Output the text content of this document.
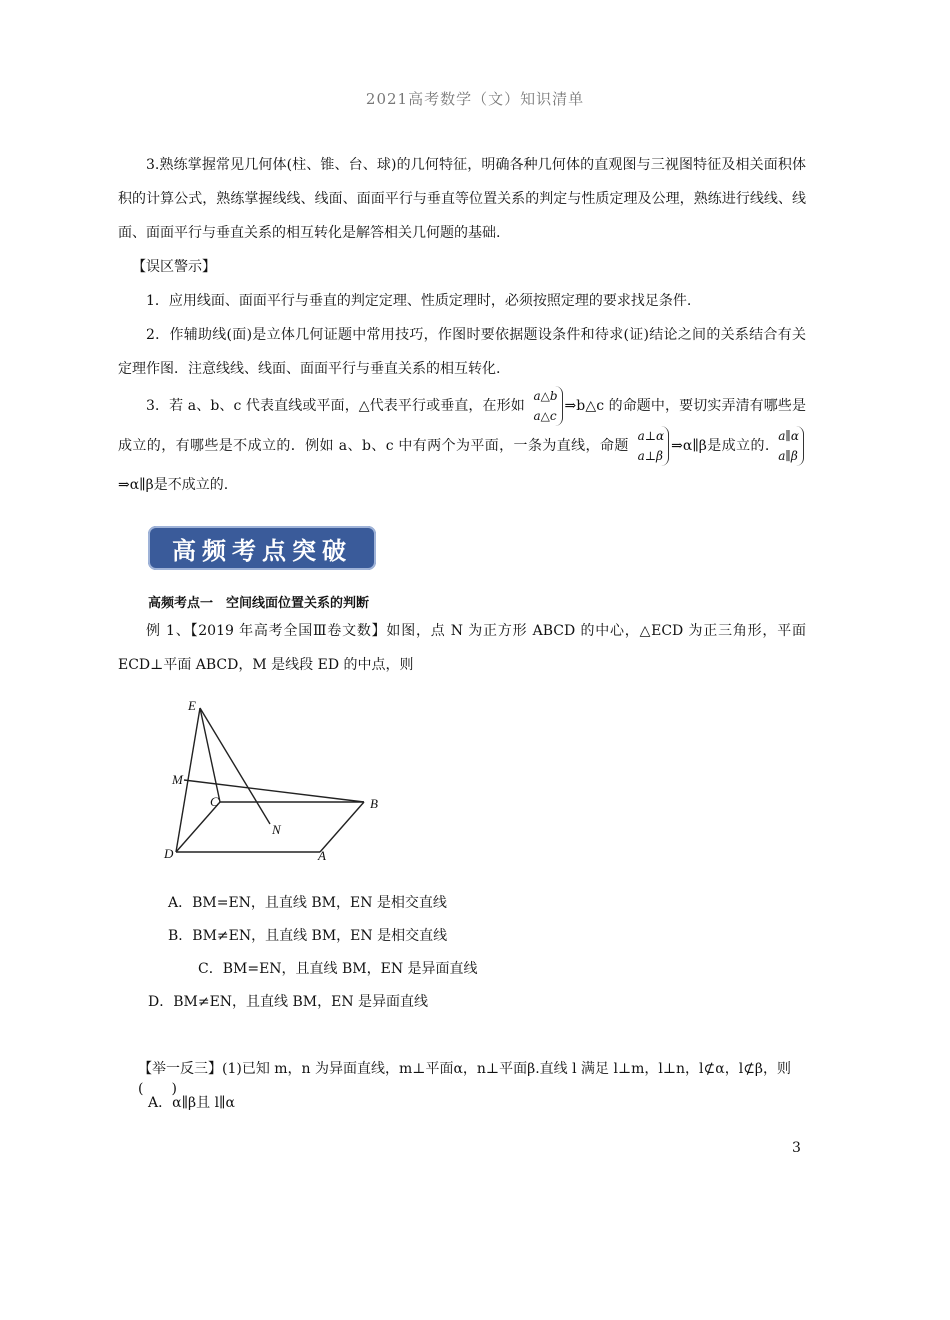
2021高考数学（文）知识清单

3.熟练掌握常见几何体(柱、锥、台、球)的几何特征，明确各种几何体的直观图与三视图特征及相关面积体积的计算公式，熟练掌握线线、线面、面面平行与垂直等位置关系的判定与性质定理及公理，熟练进行线线、线面、面面平行与垂直关系的相互转化是解答相关几何题的基础.

【误区警示】

1．应用线面、面面平行与垂直的判定定理、性质定理时，必须按照定理的要求找足条件.

2．作辅助线(面)是立体几何证题中常用技巧，作图时要依据题设条件和待求(证)结论之间的关系结合有关定理作图．注意线线、线面、面面平行与垂直关系的相互转化.

3．若 a、b、c 代表直线或平面，△代表平行或垂直，在形如
a△b
a△c
⇒b△c 的命题中，要切实弄清有哪些是成立的，有哪些是不成立的．例如 a、b、c 中有两个为平面，一条为直线，命题
a⊥α
a⊥β
⇒α∥β是成立的.
a∥α
a∥β
⇒α∥β是不成立的.

高频考点突破

高频考点一　空间线面位置关系的判断

例 1、【2019 年高考全国Ⅲ卷文数】如图，点 N 为正方形 ABCD 的中心，△ECD 为正三角形，平面 ECD⊥平面 ABCD，M 是线段 ED 的中点，则

E
M
C	B
N
D	A

A．BM=EN，且直线 BM，EN 是相交直线

B．BM≠EN，且直线 BM，EN 是相交直线

C．BM=EN，且直线 BM，EN 是异面直线

D．BM≠EN，且直线 BM，EN 是异面直线

【举一反三】(1)已知 m，n 为异面直线，m⊥平面α，n⊥平面β.直线 l 满足 l⊥m，l⊥n，l⊄α，l⊄β，则(　　)

A．α∥β且 l∥α

3
